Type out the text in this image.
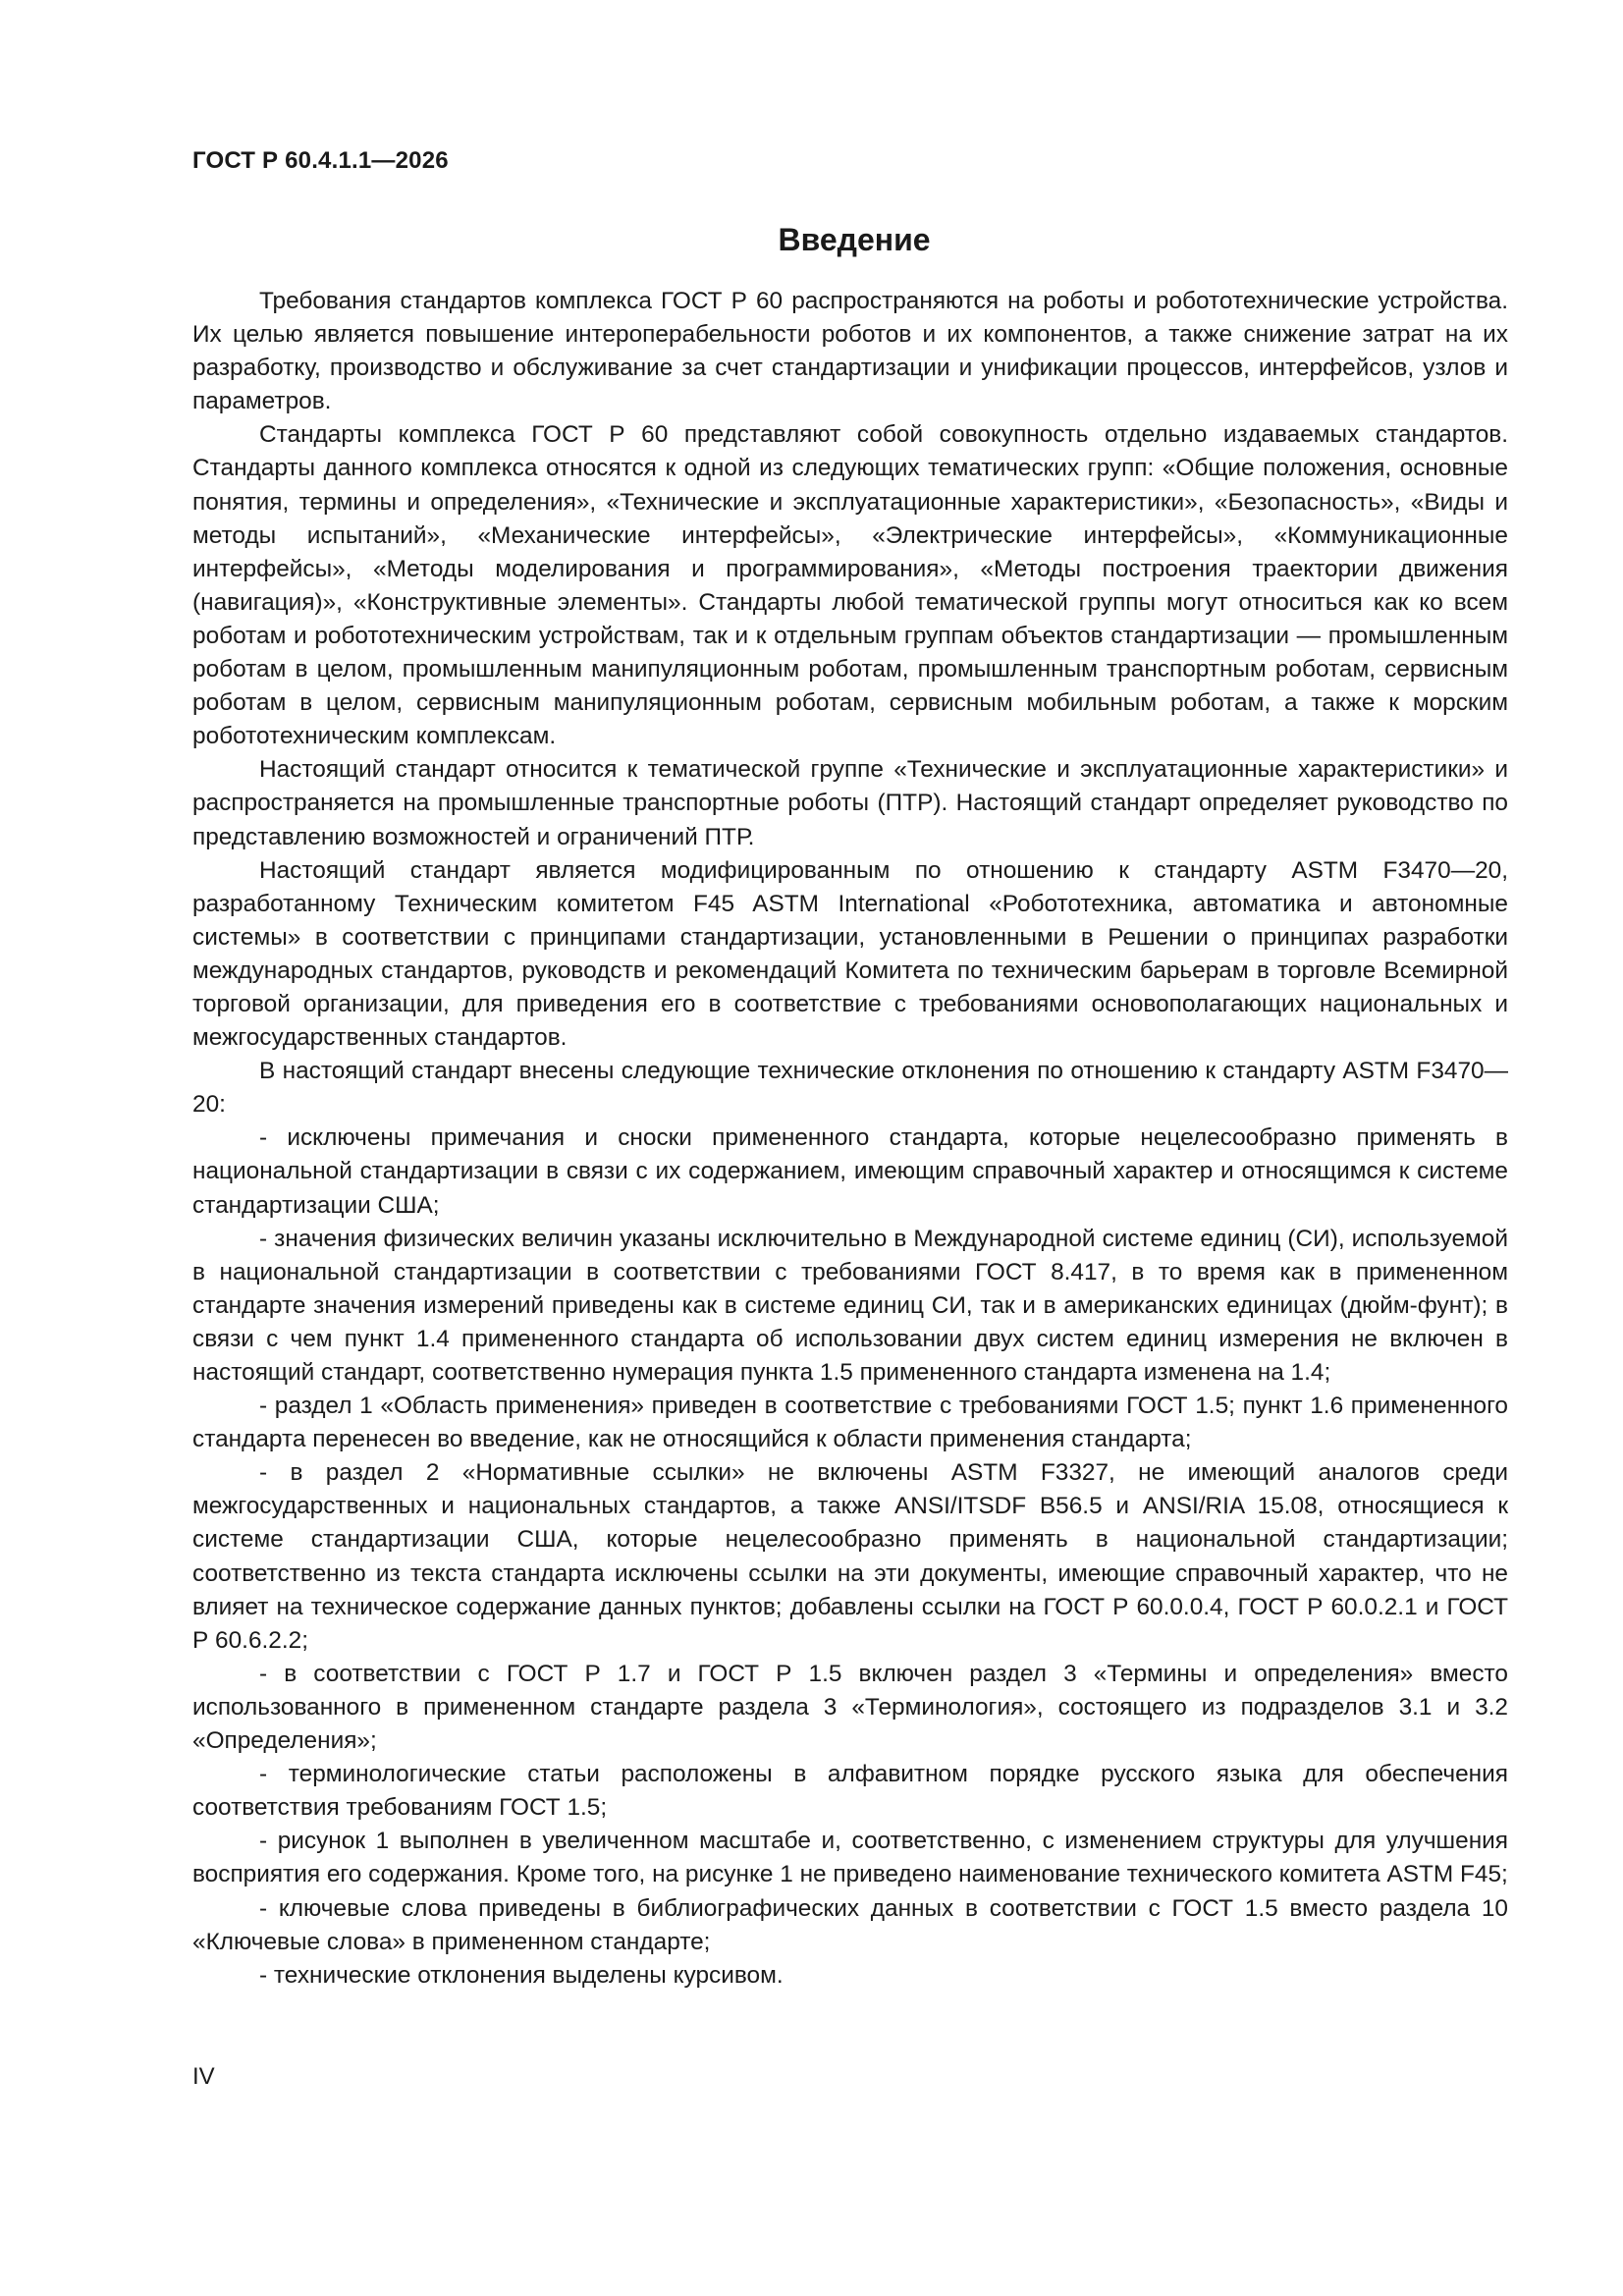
ГОСТ Р 60.4.1.1—2026
Введение

Требования стандартов комплекса ГОСТ Р 60 распространяются на роботы и робототехнические устройства. Их целью является повышение интероперабельности роботов и их компонентов, а также снижение затрат на их разработку, производство и обслуживание за счет стандартизации и унификации процессов, интерфейсов, узлов и параметров.

Стандарты комплекса ГОСТ Р 60 представляют собой совокупность отдельно издаваемых стандартов. Стандарты данного комплекса относятся к одной из следующих тематических групп: «Общие положения, основные понятия, термины и определения», «Технические и эксплуатационные характеристики», «Безопасность», «Виды и методы испытаний», «Механические интерфейсы», «Электрические интерфейсы», «Коммуникационные интерфейсы», «Методы моделирования и программирования», «Методы построения траектории движения (навигация)», «Конструктивные элементы». Стандарты любой тематической группы могут относиться как ко всем роботам и робототехническим устройствам, так и к отдельным группам объектов стандартизации — промышленным роботам в целом, промышленным манипуляционным роботам, промышленным транспортным роботам, сервисным роботам в целом, сервисным манипуляционным роботам, сервисным мобильным роботам, а также к морским робототехническим комплексам.

Настоящий стандарт относится к тематической группе «Технические и эксплуатационные характеристики» и распространяется на промышленные транспортные роботы (ПТР). Настоящий стандарт определяет руководство по представлению возможностей и ограничений ПТР.

Настоящий стандарт является модифицированным по отношению к стандарту ASTM F3470—20, разработанному Техническим комитетом F45 ASTM International «Робототехника, автоматика и автономные системы» в соответствии с принципами стандартизации, установленными в Решении о принципах разработки международных стандартов, руководств и рекомендаций Комитета по техническим барьерам в торговле Всемирной торговой организации, для приведения его в соответствие с требованиями основополагающих национальных и межгосударственных стандартов.

В настоящий стандарт внесены следующие технические отклонения по отношению к стандарту ASTM F3470—20:

- исключены примечания и сноски примененного стандарта, которые нецелесообразно применять в национальной стандартизации в связи с их содержанием, имеющим справочный характер и относящимся к системе стандартизации США;

- значения физических величин указаны исключительно в Международной системе единиц (СИ), используемой в национальной стандартизации в соответствии с требованиями ГОСТ 8.417, в то время как в примененном стандарте значения измерений приведены как в системе единиц СИ, так и в американских единицах (дюйм-фунт); в связи с чем пункт 1.4 примененного стандарта об использовании двух систем единиц измерения не включен в настоящий стандарт, соответственно нумерация пункта 1.5 примененного стандарта изменена на 1.4;

- раздел 1 «Область применения» приведен в соответствие с требованиями ГОСТ 1.5; пункт 1.6 примененного стандарта перенесен во введение, как не относящийся к области применения стандарта;

- в раздел 2 «Нормативные ссылки» не включены ASTM F3327, не имеющий аналогов среди межгосударственных и национальных стандартов, а также ANSI/ITSDF B56.5 и ANSI/RIA 15.08, относящиеся к системе стандартизации США, которые нецелесообразно применять в национальной стандартизации; соответственно из текста стандарта исключены ссылки на эти документы, имеющие справочный характер, что не влияет на техническое содержание данных пунктов; добавлены ссылки на ГОСТ Р 60.0.0.4, ГОСТ Р 60.0.2.1 и ГОСТ Р 60.6.2.2;

- в соответствии с ГОСТ Р 1.7 и ГОСТ Р 1.5 включен раздел 3 «Термины и определения» вместо использованного в примененном стандарте раздела 3 «Терминология», состоящего из подразделов 3.1 и 3.2 «Определения»;

- терминологические статьи расположены в алфавитном порядке русского языка для обеспечения соответствия требованиям ГОСТ 1.5;

- рисунок 1 выполнен в увеличенном масштабе и, соответственно, с изменением структуры для улучшения восприятия его содержания. Кроме того, на рисунке 1 не приведено наименование технического комитета ASTM F45;

- ключевые слова приведены в библиографических данных в соответствии с ГОСТ 1.5 вместо раздела 10 «Ключевые слова» в примененном стандарте;

- технические отклонения выделены курсивом.

IV
